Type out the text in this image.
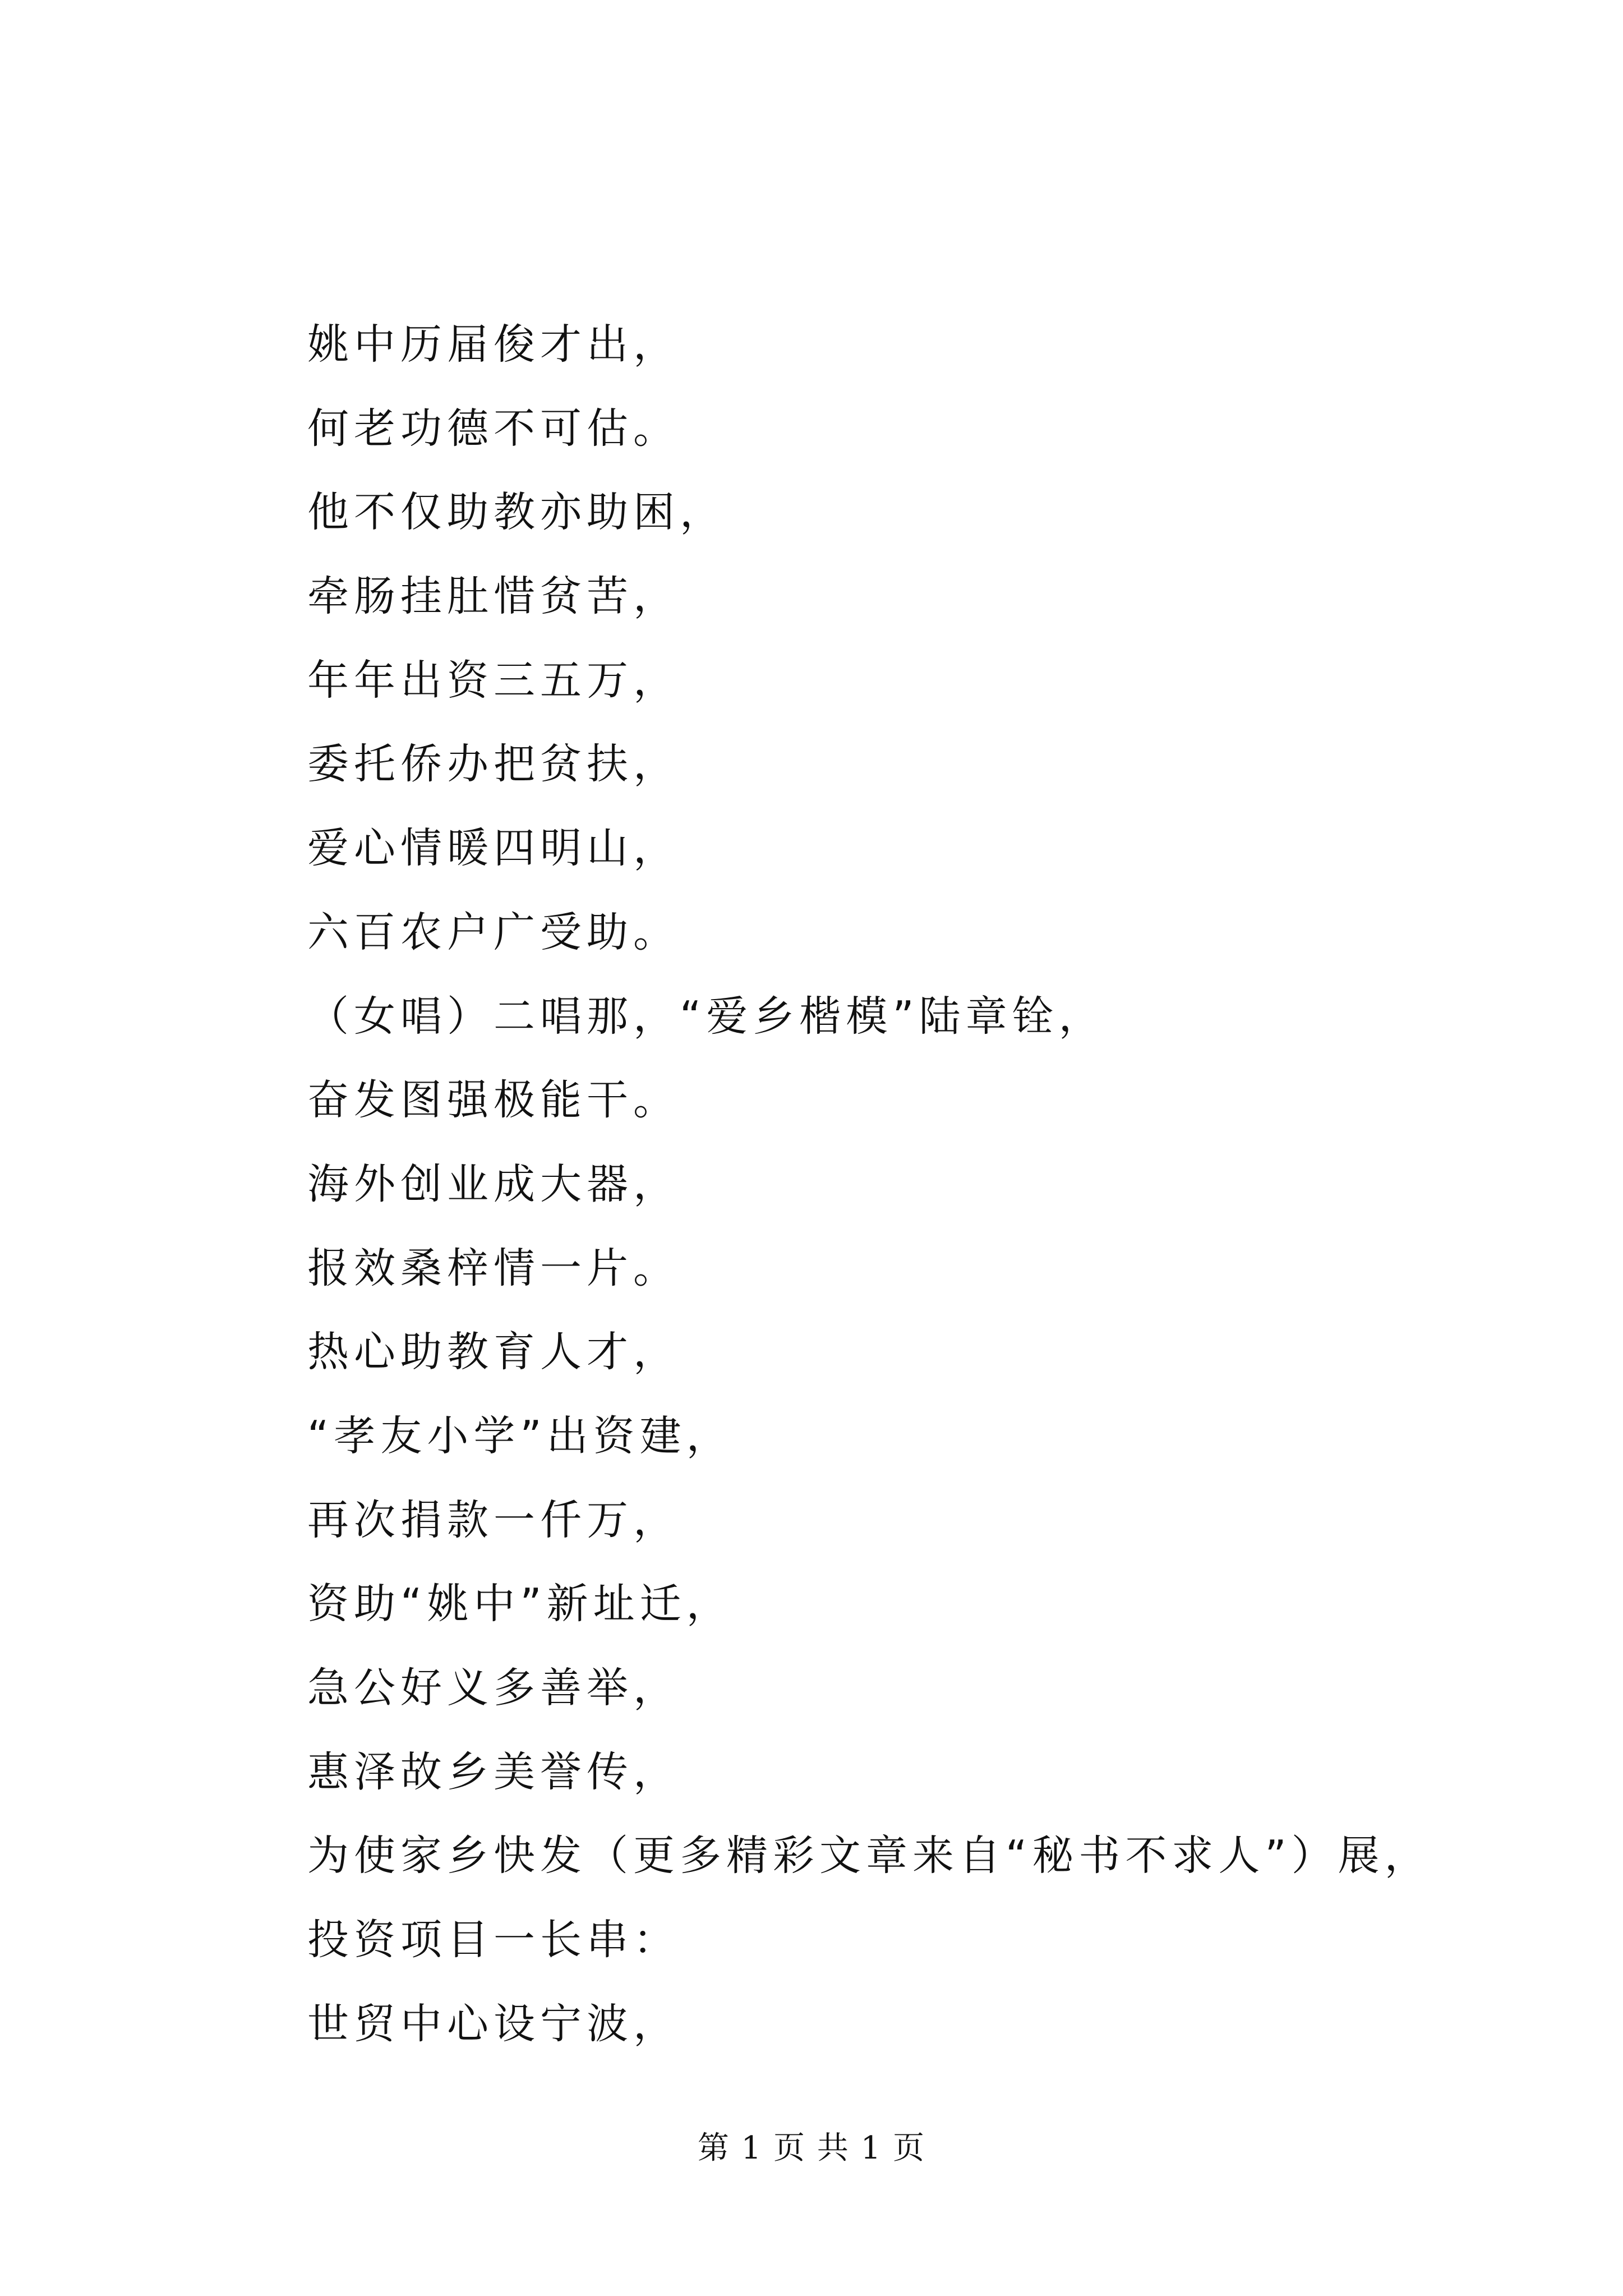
姚中历届俊才出，
何老功德不可估。
他不仅助教亦助困，
牵肠挂肚惜贫苦，
年年出资三五万，
委托侨办把贫扶，
爱心情暖四明山，
六百农户广受助。
（女唱）二唱那，“爱乡楷模”陆章铨，
奋发图强极能干。
海外创业成大器，
报效桑梓情一片。
热心助教育人才，
“孝友小学”出资建，
再次捐款一仟万，
资助“姚中”新址迁，
急公好义多善举，
惠泽故乡美誉传，
为使家乡快发（更多精彩文章来自“秘书不求人”）展，
投资项目一长串：
世贸中心设宁波，
第 1 页 共 1 页
